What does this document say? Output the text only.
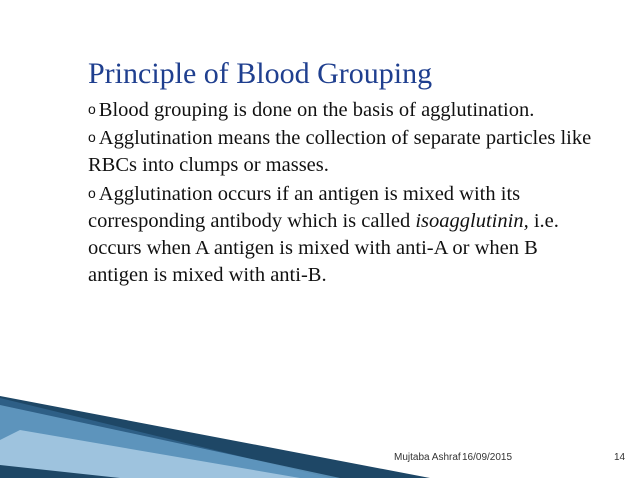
Principle of Blood Grouping

o Blood grouping is done on the basis of agglutination.

o Agglutination means the collection of separate particles like RBCs into clumps or masses.

o Agglutination occurs if an antigen is mixed with its corresponding antibody which is called isoagglutinin, i.e. occurs when A antigen is mixed with anti-A or when B antigen is mixed with anti-B.

Mujtaba Ashraf 16/09/2015	14
